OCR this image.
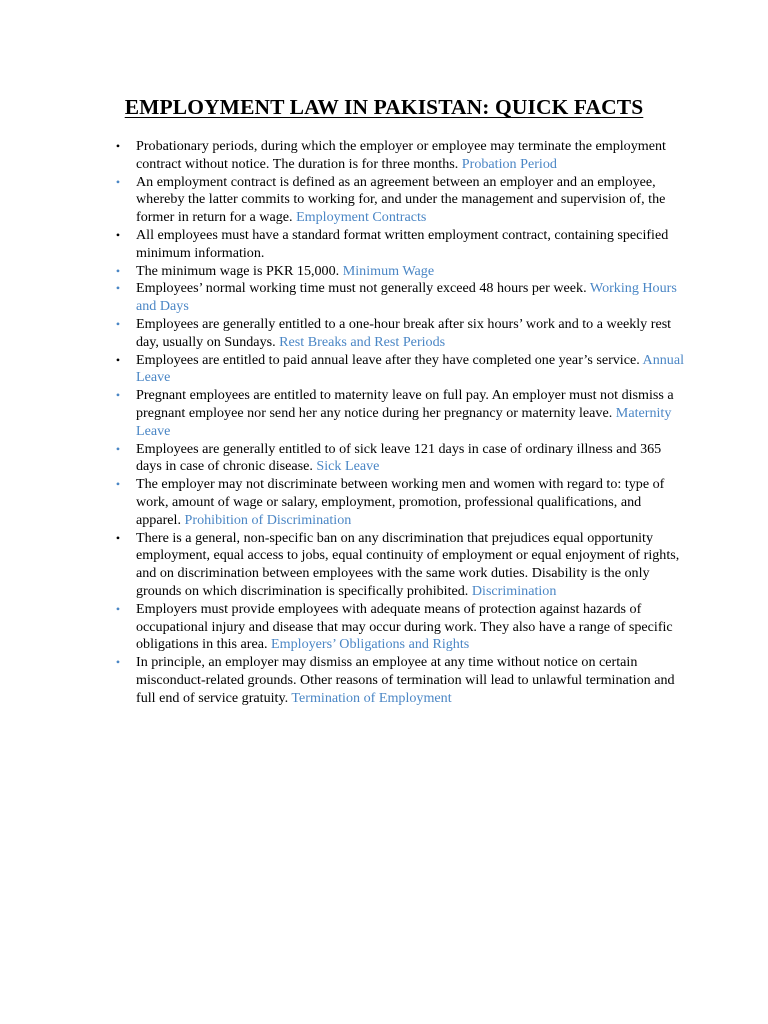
EMPLOYMENT LAW IN PAKISTAN: QUICK FACTS
• Probationary periods, during which the employer or employee may terminate the employment contract without notice. The duration is for three months. Probation Period
• An employment contract is defined as an agreement between an employer and an employee, whereby the latter commits to working for, and under the management and supervision of, the former in return for a wage. Employment Contracts
• All employees must have a standard format written employment contract, containing specified minimum information.
• The minimum wage is PKR 15,000. Minimum Wage
• Employees’ normal working time must not generally exceed 48 hours per week. Working Hours and Days
• Employees are generally entitled to a one-hour break after six hours’ work and to a weekly rest day, usually on Sundays. Rest Breaks and Rest Periods
• Employees are entitled to paid annual leave after they have completed one year’s service. Annual Leave
• Pregnant employees are entitled to maternity leave on full pay. An employer must not dismiss a pregnant employee nor send her any notice during her pregnancy or maternity leave. Maternity Leave
• Employees are generally entitled to of sick leave 121 days in case of ordinary illness and 365 days in case of chronic disease. Sick Leave
• The employer may not discriminate between working men and women with regard to: type of work, amount of wage or salary, employment, promotion, professional qualifications, and apparel. Prohibition of Discrimination
• There is a general, non-specific ban on any discrimination that prejudices equal opportunity employment, equal access to jobs, equal continuity of employment or equal enjoyment of rights, and on discrimination between employees with the same work duties. Disability is the only grounds on which discrimination is specifically prohibited. Discrimination
• Employers must provide employees with adequate means of protection against hazards of occupational injury and disease that may occur during work. They also have a range of specific obligations in this area. Employers’ Obligations and Rights
• In principle, an employer may dismiss an employee at any time without notice on certain misconduct-related grounds. Other reasons of termination will lead to unlawful termination and full end of service gratuity. Termination of Employment
